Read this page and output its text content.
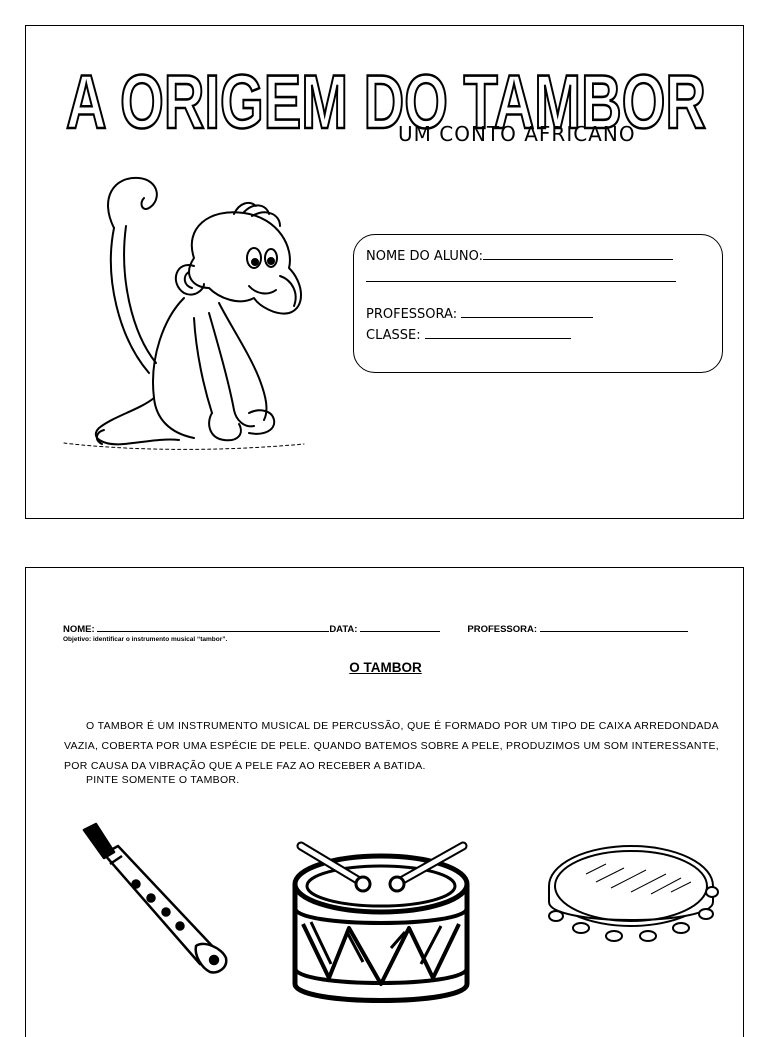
A ORIGEM DO TAMBOR
UM CONTO AFRICANO
NOME DO ALUNO:
PROFESSORA:
CLASSE:
NOME:	DATA:	PROFESSORA:
Objetivo: identificar o instrumento musical “tambor”.
O TAMBOR

O TAMBOR É UM INSTRUMENTO MUSICAL DE PERCUSSÃO, QUE É FORMADO POR UM TIPO DE CAIXA ARREDONDADA VAZIA, COBERTA POR UMA ESPÉCIE DE PELE. QUANDO BATEMOS SOBRE A PELE, PRODUZIMOS UM SOM INTERESSANTE, POR CAUSA DA VIBRAÇÃO QUE A PELE FAZ AO RECEBER A BATIDA.

PINTE SOMENTE O TAMBOR.
